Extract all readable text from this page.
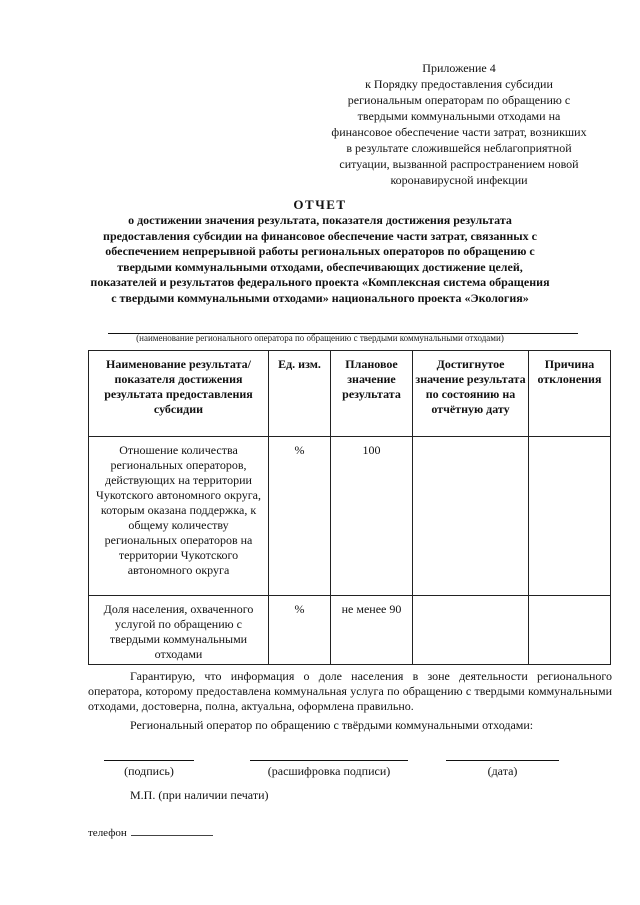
Приложение 4
к Порядку предоставления субсидии
региональным операторам по обращению с
твердыми коммунальными отходами на
финансовое обеспечение части затрат, возникших
в результате сложившейся неблагоприятной
ситуации, вызванной распространением новой
коронавирусной инфекции
ОТЧЕТ
о достижении значения результата, показателя достижения результата
предоставления субсидии на финансовое обеспечение части затрат, связанных с
обеспечением непрерывной работы региональных операторов по обращению с
твердыми коммунальными отходами, обеспечивающих достижение целей,
показателей и результатов федерального проекта «Комплексная система обращения
с твердыми коммунальными отходами» национального проекта «Экология»
(наименование регионального оператора по обращению с твердыми коммунальными отходами)
Наименование результата/ показателя достижения результата предоставления субсидии	Ед. изм.	Плановое значение результата	Достигнутое значение результата по состоянию на отчётную дату	Причина отклонения
Отношение количества региональных операторов, действующих на территории Чукотского автономного округа, которым оказана поддержка, к общему количеству региональных операторов на территории Чукотского автономного округа	%	100		
Доля населения, охваченного услугой по обращению с твердыми коммунальными отходами	%	не менее 90		
Гарантирую, что информация о доле населения в зоне деятельности регионального оператора, которому предоставлена коммунальная услуга по обращению с твердыми коммунальными отходами, достоверна, полна, актуальна, оформлена правильно.
Региональный оператор по обращению с твёрдыми коммунальными отходами:
(подпись)	(расшифровка подписи)	(дата)
М.П. (при наличии печати)
телефон
